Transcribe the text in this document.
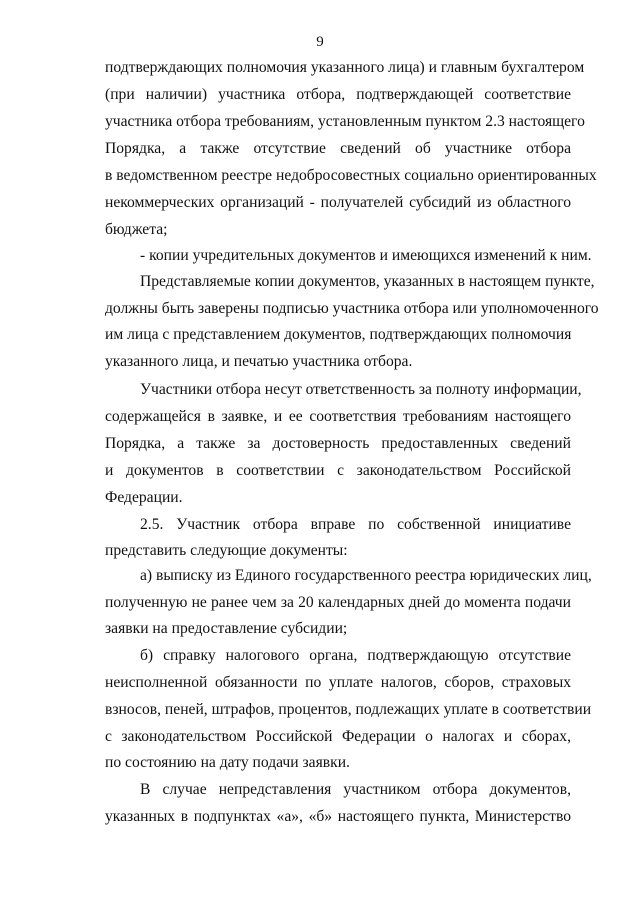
9
подтверждающих полномочия указанного лица) и главным бухгалтером
(при наличии) участника отбора, подтверждающей соответствие
участника отбора требованиям, установленным пунктом 2.3 настоящего
Порядка, а также отсутствие сведений об участнике отбора
в ведомственном реестре недобросовестных социально ориентированных
некоммерческих организаций - получателей субсидий из областного
бюджета;
- копии учредительных документов и имеющихся изменений к ним.
Представляемые копии документов, указанных в настоящем пункте,
должны быть заверены подписью участника отбора или уполномоченного
им лица с представлением документов, подтверждающих полномочия
указанного лица, и печатью участника отбора.
Участники отбора несут ответственность за полноту информации,
содержащейся в заявке, и ее соответствия требованиям настоящего
Порядка, а также за достоверность предоставленных сведений
и документов в соответствии с законодательством Российской
Федерации.
2.5. Участник отбора вправе по собственной инициативе
представить следующие документы:
а) выписку из Единого государственного реестра юридических лиц,
полученную не ранее чем за 20 календарных дней до момента подачи
заявки на предоставление субсидии;
б) справку налогового органа, подтверждающую отсутствие
неисполненной обязанности по уплате налогов, сборов, страховых
взносов, пеней, штрафов, процентов, подлежащих уплате в соответствии
с законодательством Российской Федерации о налогах и сборах,
по состоянию на дату подачи заявки.
В случае непредставления участником отбора документов,
указанных в подпунктах «а», «б» настоящего пункта, Министерство
